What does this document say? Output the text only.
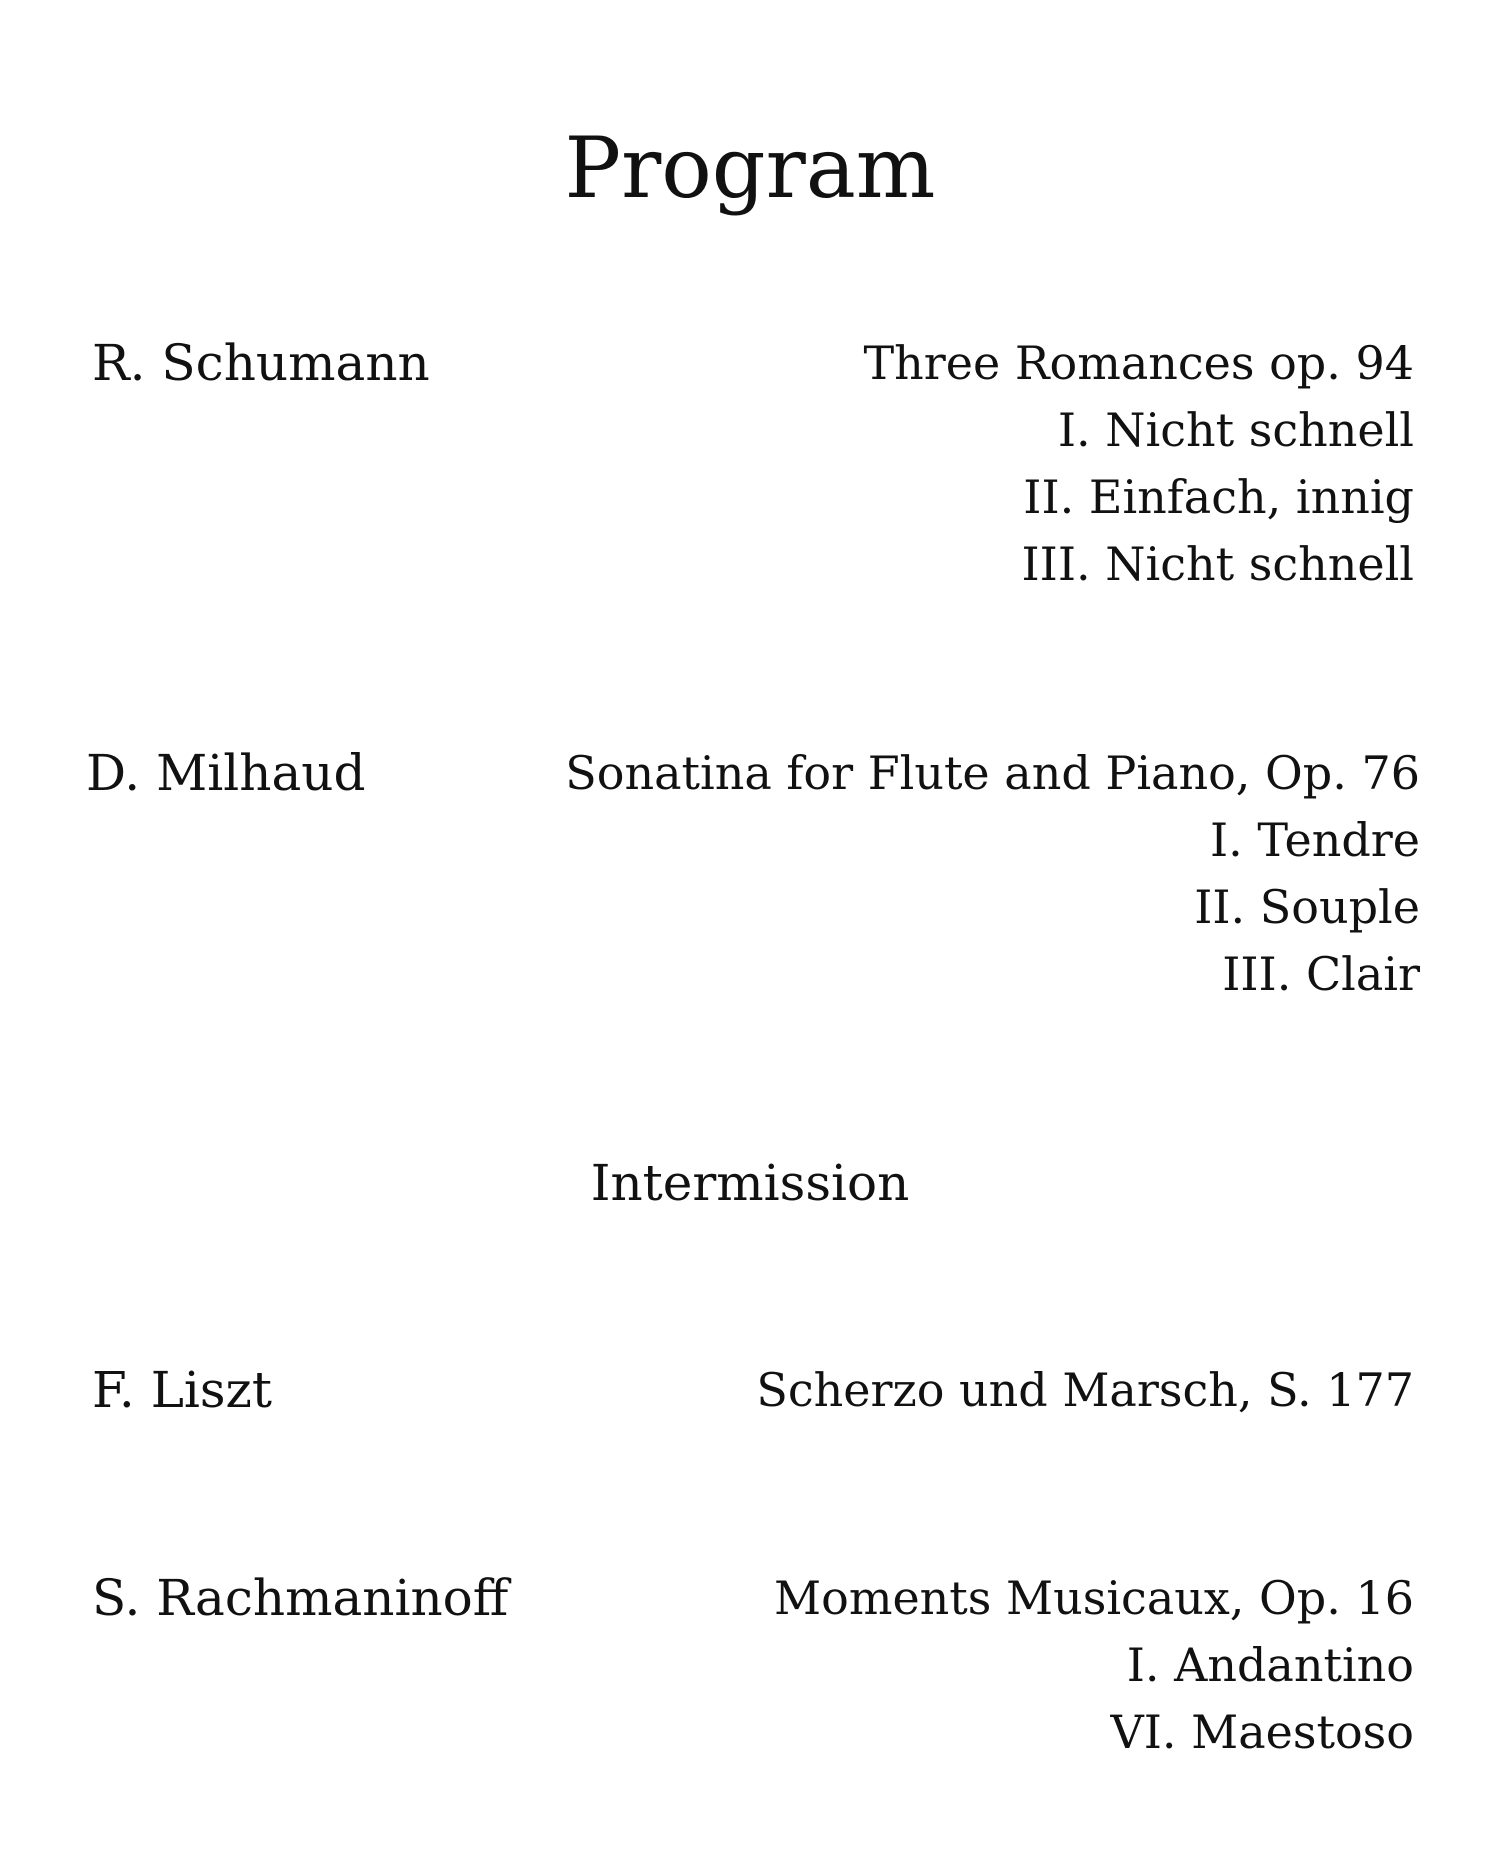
Program
R. Schumann	Three Romances op. 94
I. Nicht schnell
II. Einfach, innig
III. Nicht schnell
D. Milhaud	Sonatina for Flute and Piano, Op. 76
I. Tendre
II. Souple
III. Clair
Intermission
F. Liszt	Scherzo und Marsch, S. 177
S. Rachmaninoff	Moments Musicaux, Op. 16
I. Andantino
VI. Maestoso
